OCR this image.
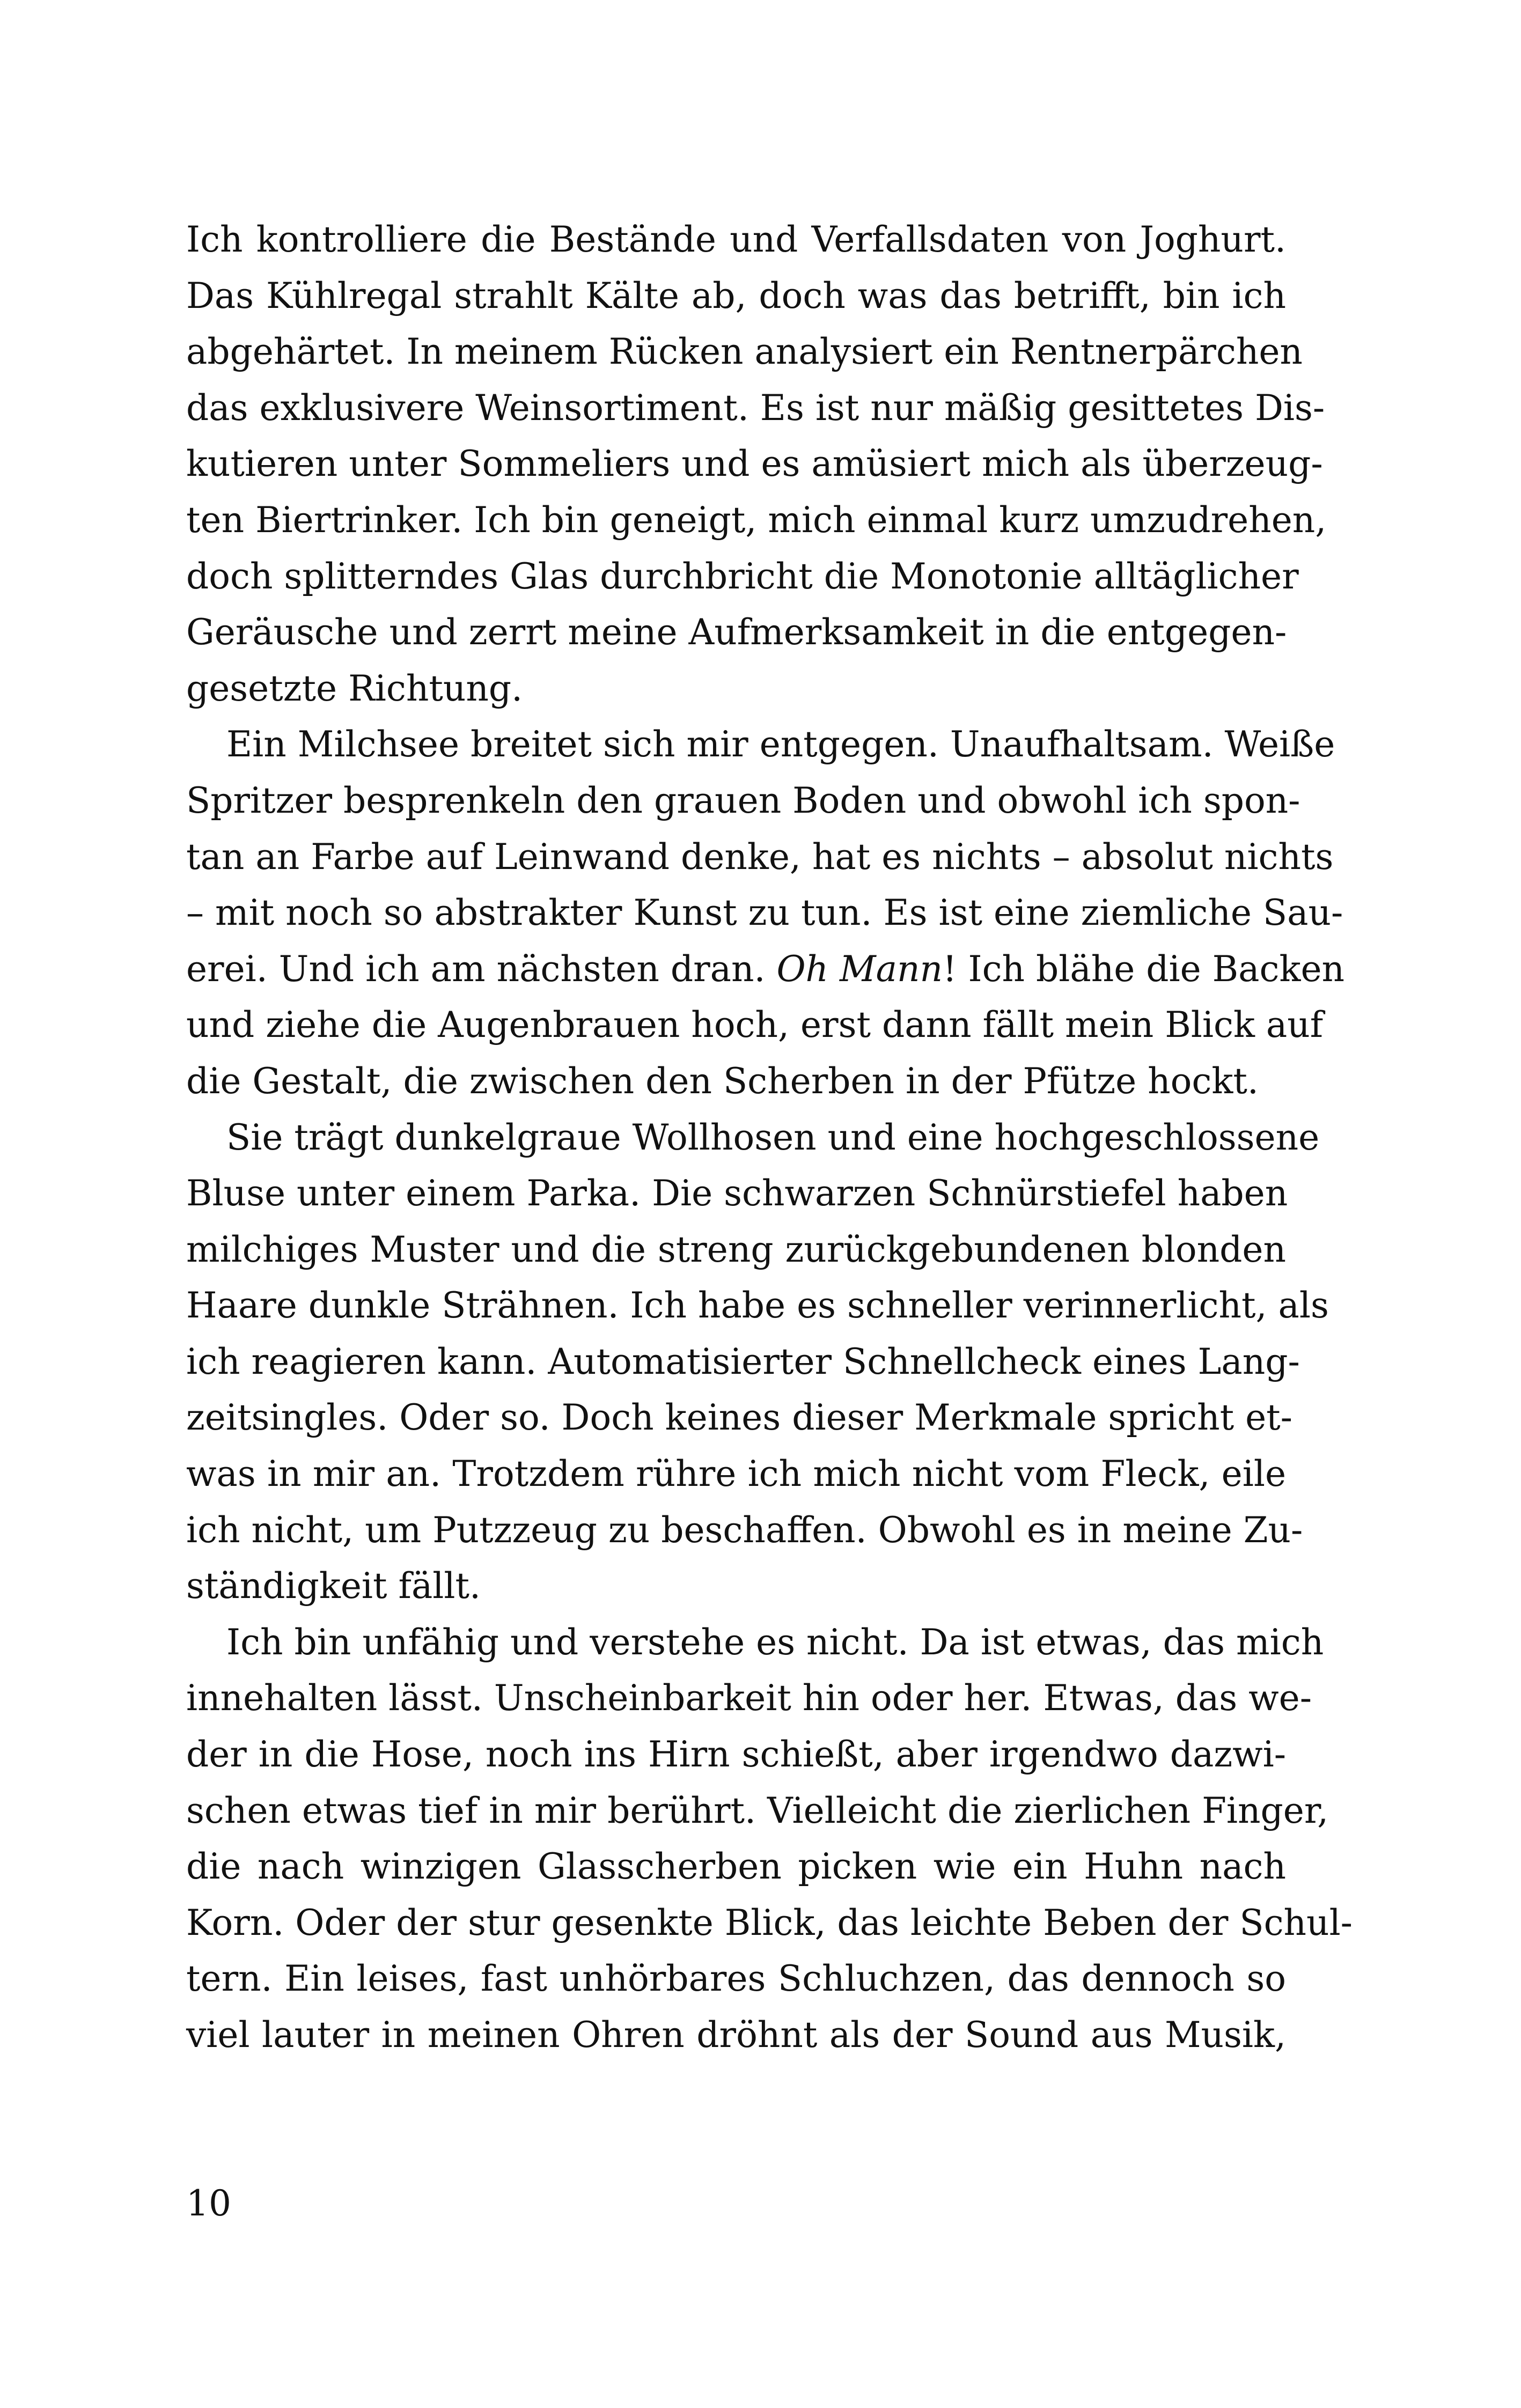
Ich kontrolliere die Bestände und Verfallsdaten von Joghurt.
Das Kühlregal strahlt Kälte ab, doch was das betrifft, bin ich
abgehärtet. In meinem Rücken analysiert ein Rentnerpärchen
das exklusivere Weinsortiment. Es ist nur mäßig gesittetes Dis-
kutieren unter Sommeliers und es amüsiert mich als überzeug-
ten Biertrinker. Ich bin geneigt, mich einmal kurz umzudrehen,
doch splitterndes Glas durchbricht die Monotonie alltäglicher
Geräusche und zerrt meine Aufmerksamkeit in die entgegen-
gesetzte Richtung.
Ein Milchsee breitet sich mir entgegen. Unaufhaltsam. Weiße
Spritzer besprenkeln den grauen Boden und obwohl ich spon-
tan an Farbe auf Leinwand denke, hat es nichts – absolut nichts
– mit noch so abstrakter Kunst zu tun. Es ist eine ziemliche Sau-
erei. Und ich am nächsten dran. Oh Mann! Ich blähe die Backen
und ziehe die Augenbrauen hoch, erst dann fällt mein Blick auf
die Gestalt, die zwischen den Scherben in der Pfütze hockt.
Sie trägt dunkelgraue Wollhosen und eine hochgeschlossene
Bluse unter einem Parka. Die schwarzen Schnürstiefel haben
milchiges Muster und die streng zurückgebundenen blonden
Haare dunkle Strähnen. Ich habe es schneller verinnerlicht, als
ich reagieren kann. Automatisierter Schnellcheck eines Lang-
zeitsingles. Oder so. Doch keines dieser Merkmale spricht et-
was in mir an. Trotzdem rühre ich mich nicht vom Fleck, eile
ich nicht, um Putzzeug zu beschaffen. Obwohl es in meine Zu-
ständigkeit fällt.
Ich bin unfähig und verstehe es nicht. Da ist etwas, das mich
innehalten lässt. Unscheinbarkeit hin oder her. Etwas, das we-
der in die Hose, noch ins Hirn schießt, aber irgendwo dazwi-
schen etwas tief in mir berührt. Vielleicht die zierlichen Finger,
die nach winzigen Glasscherben picken wie ein Huhn nach
Korn. Oder der stur gesenkte Blick, das leichte Beben der Schul-
tern. Ein leises, fast unhörbares Schluchzen, das dennoch so
viel lauter in meinen Ohren dröhnt als der Sound aus Musik,
10
